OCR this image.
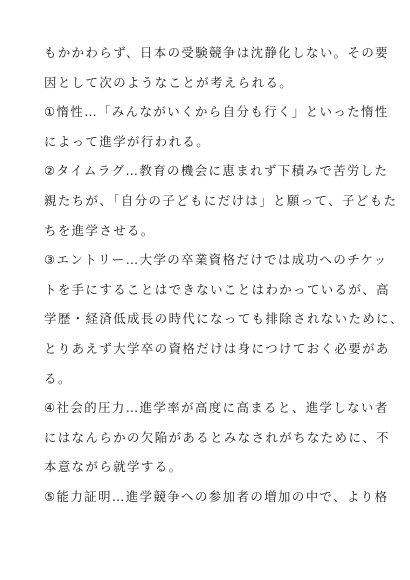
もかかわらず、日本の受験競争は沈静化しない。その要
因として次のようなことが考えられる。
①惰性…「みんながいくから自分も行く」といった惰性
によって進学が行われる。
②タイムラグ…教育の機会に恵まれず下積みで苦労した
親たちが、「自分の子どもにだけは」と願って、子どもた
ちを進学させる。
③エントリー…大学の卒業資格だけでは成功へのチケッ
トを手にすることはできないことはわかっているが、高
学歴・経済低成長の時代になっても排除されないために、
とりあえず大学卒の資格だけは身につけておく必要があ
る。
④社会的圧力…進学率が高度に高まると、進学しない者
にはなんらかの欠陥があるとみなされがちなために、不
本意ながら就学する。
⑤能力証明…進学競争への参加者の増加の中で、より格
